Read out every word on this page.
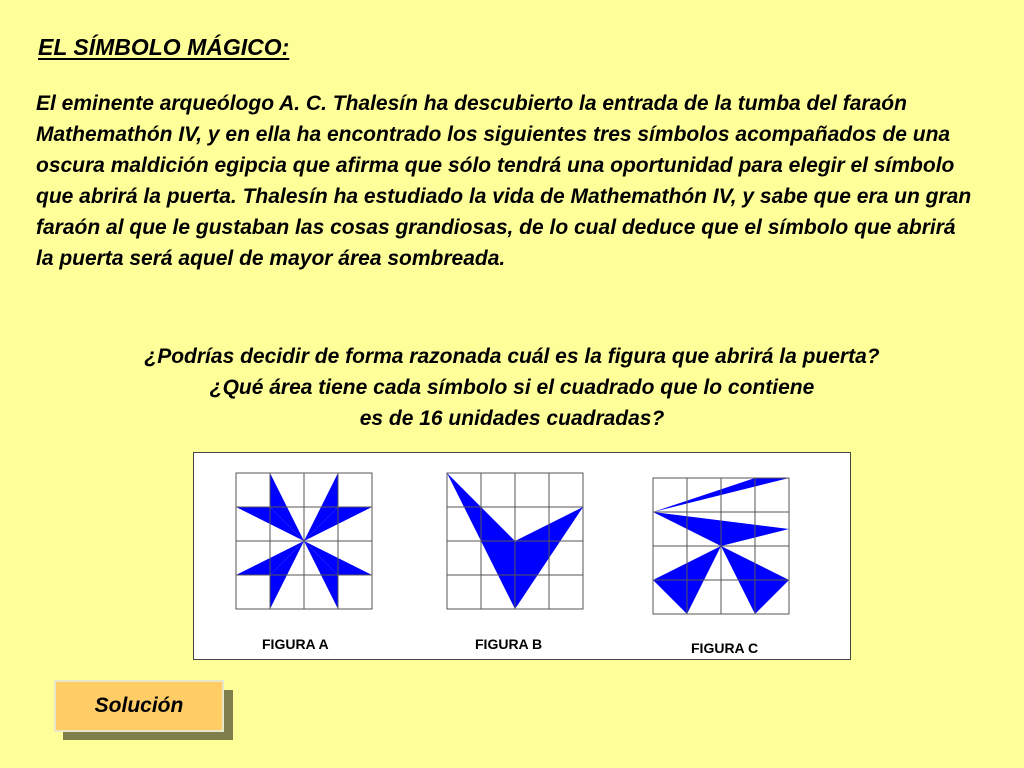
EL SÍMBOLO MÁGICO:

El eminente arqueólogo A. C. Thalesín ha descubierto la entrada de la tumba del faraón Mathemathón IV, y en ella ha encontrado los siguientes tres símbolos acompañados de una oscura maldición egipcia que afirma que sólo tendrá una oportunidad para elegir el símbolo que abrirá la puerta. Thalesín ha estudiado la vida de Mathemathón IV, y sabe que era un gran faraón al que le gustaban las cosas grandiosas, de lo cual deduce que el símbolo que abrirá la puerta será aquel de mayor área sombreada.

¿Podrías decidir de forma razonada cuál es la figura que abrirá la puerta?
¿Qué área tiene cada símbolo si el cuadrado que lo contiene
es de 16 unidades cuadradas?

FIGURA A	FIGURA B	FIGURA C
Solución
